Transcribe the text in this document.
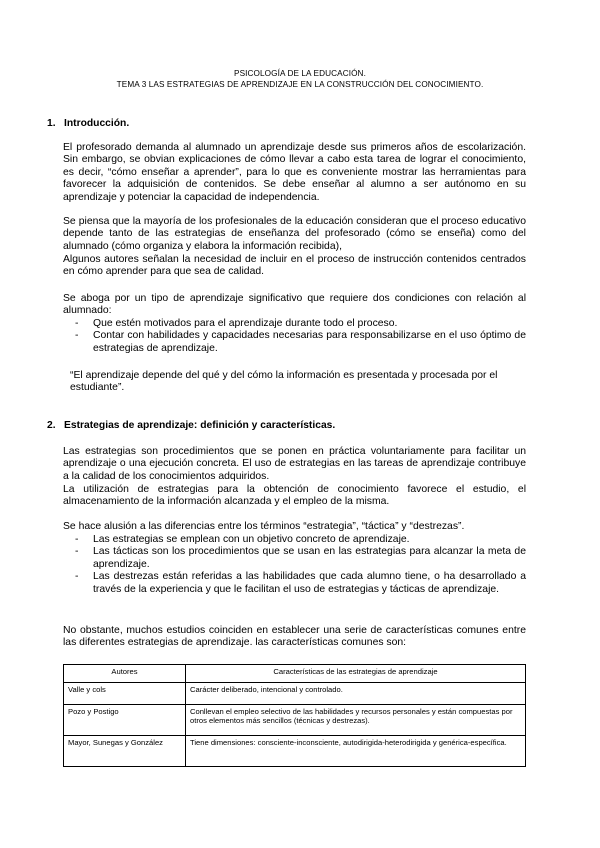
PSICOLOGÍA DE LA EDUCACIÓN.
TEMA 3 LAS ESTRATEGIAS DE APRENDIZAJE EN LA CONSTRUCCIÓN DEL CONOCIMIENTO.
1. Introducción.
El profesorado demanda al alumnado un aprendizaje desde sus primeros años de escolarización. Sin embargo, se obvian explicaciones de cómo llevar a cabo esta tarea de lograr el conocimiento, es decir, “cómo enseñar a aprender”, para lo que es conveniente mostrar las herramientas para favorecer la adquisición de contenidos. Se debe enseñar al alumno a ser autónomo en su aprendizaje y potenciar la capacidad de independencia.
Se piensa que la mayoría de los profesionales de la educación consideran que el proceso educativo depende tanto de las estrategias de enseñanza del profesorado (cómo se enseña) como del alumnado (cómo organiza y elabora la información recibida),
Algunos autores señalan la necesidad de incluir en el proceso de instrucción contenidos centrados en cómo aprender para que sea de calidad.
Se aboga por un tipo de aprendizaje significativo que requiere dos condiciones con relación al alumnado:
- Que estén motivados para el aprendizaje durante todo el proceso.
- Contar con habilidades y capacidades necesarias para responsabilizarse en el uso óptimo de estrategias de aprendizaje.
“El aprendizaje depende del qué y del cómo la información es presentada y procesada por el estudiante”.
2. Estrategias de aprendizaje: definición y características.
Las estrategias son procedimientos que se ponen en práctica voluntariamente para facilitar un aprendizaje o una ejecución concreta. El uso de estrategias en las tareas de aprendizaje contribuye a la calidad de los conocimientos adquiridos.
La utilización de estrategias para la obtención de conocimiento favorece el estudio, el almacenamiento de la información alcanzada y el empleo de la misma.
Se hace alusión a las diferencias entre los términos “estrategia”, “táctica” y “destrezas”.
- Las estrategias se emplean con un objetivo concreto de aprendizaje.
- Las tácticas son los procedimientos que se usan en las estrategias para alcanzar la meta de aprendizaje.
- Las destrezas están referidas a las habilidades que cada alumno tiene, o ha desarrollado a través de la experiencia y que le facilitan el uso de estrategias y tácticas de aprendizaje.
No obstante, muchos estudios coinciden en establecer una serie de características comunes entre las diferentes estrategias de aprendizaje. las características comunes son:
Autores	Características de las estrategias de aprendizaje
Valle y cols	Carácter deliberado, intencional y controlado.
Pozo y Postigo	Conllevan el empleo selectivo de las habilidades y recursos personales y están compuestas por otros elementos más sencillos (técnicas y destrezas).
Mayor, Sunegas y González	Tiene dimensiones: consciente-inconsciente, autodirigida-heterodirigida y genérica-específica.
